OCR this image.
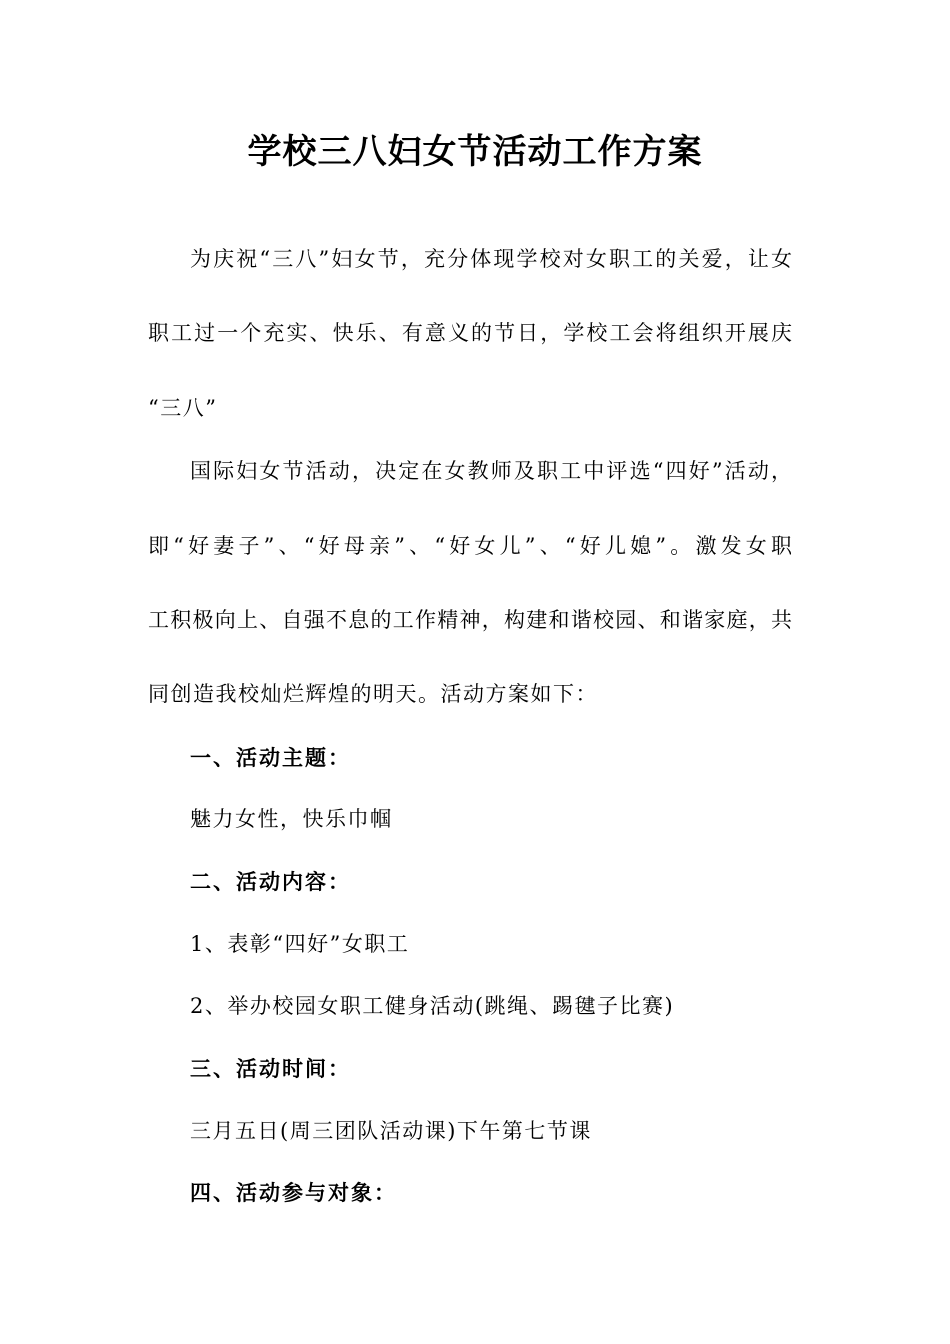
学校三八妇女节活动工作方案
为庆祝“三八”妇女节，充分体现学校对女职工的关爱，让女
职工过一个充实、快乐、有意义的节日，学校工会将组织开展庆
“三八”
国际妇女节活动，决定在女教师及职工中评选“四好”活动，
即“好妻子”、“好母亲”、“好女儿”、“好儿媳”。激发女职
工积极向上、自强不息的工作精神，构建和谐校园、和谐家庭，共
同创造我校灿烂辉煌的明天。活动方案如下：
一、活动主题：
魅力女性，快乐巾帼
二、活动内容：
1、表彰“四好”女职工
2、举办校园女职工健身活动(跳绳、踢毽子比赛)
三、活动时间：
三月五日(周三团队活动课)下午第七节课
四、活动参与对象：
